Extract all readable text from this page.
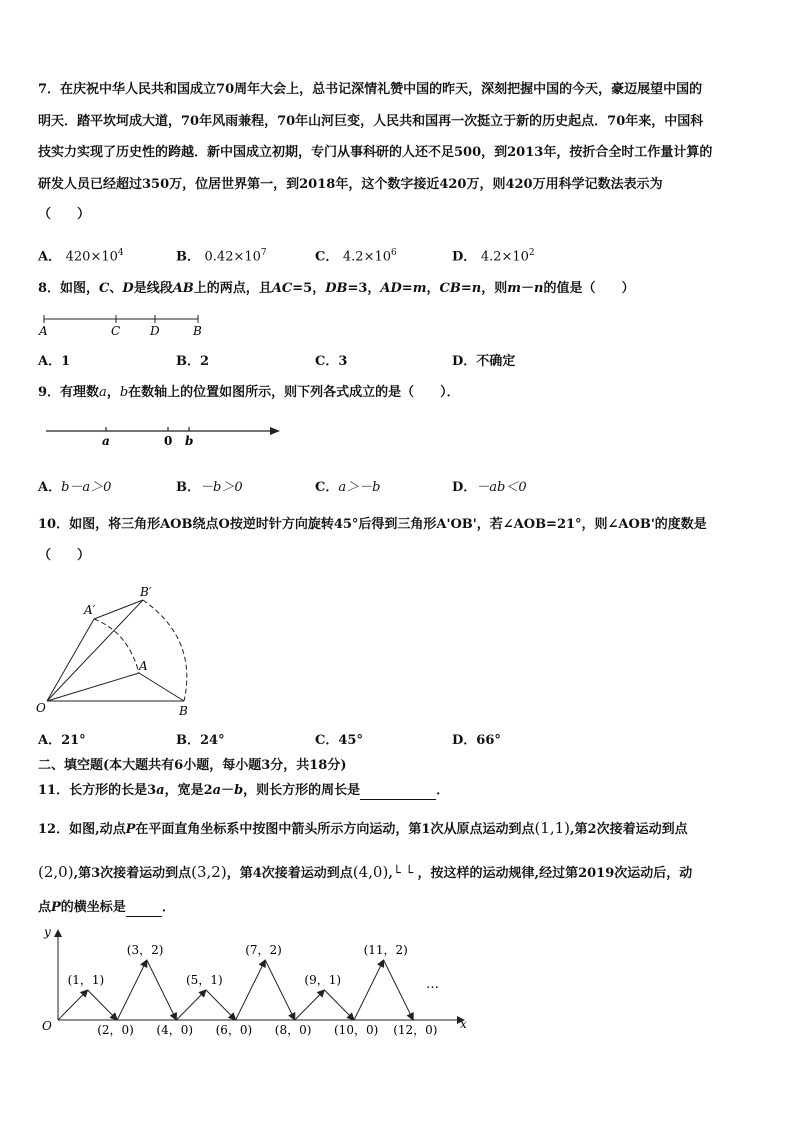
7．在庆祝中华人民共和国成立70周年大会上，总书记深情礼赞中国的昨天，深刻把握中国的今天，豪迈展望中国的
明天．踏平坎坷成大道，70年风雨兼程，70年山河巨变，人民共和国再一次挺立于新的历史起点．70年来，中国科
技实力实现了历史性的跨越．新中国成立初期，专门从事科研的人还不足500，到2013年，按折合全时工作量计算的
研发人员已经超过350万，位居世界第一，到2018年，这个数字接近420万，则420万用科学记数法表示为
（　　）
A． $420\times 10^4$	B． $0.42\times 10^7$	C． $4.2\times 10^6$	D． $4.2\times 10^2$
8．如图，C、D是线段AB上的两点，且AC=5，DB=3，AD=m，CB=n，则m－n的值是（　　）
A	C D	B
A．1	B．2	C．3	D．不确定
9．有理数a，b在数轴上的位置如图所示，则下列各式成立的是（　　）．
a	0 b
A．b－a＞0	B．－b＞0	C．a＞－b	D．－ab＜0
10．如图，将三角形AOB绕点O按逆时针方向旋转45°后得到三角形A'OB'，若∠AOB=21°，则∠AOB'的度数是
（　　）
O
A
B
A′
B′
A．21°	B．24°	C．45°	D．66°
二、填空题(本大题共有6小题，每小题3分，共18分)
11．长方形的长是3a，宽是2a－b，则长方形的周长是	．
12．如图,动点P在平面直角坐标系中按图中箭头所示方向运动，第1次从原点运动到点(1,1),第2次接着运动到点
(2,0),第3次接着运动到点(3,2)，第4次接着运动到点(4,0),└ └ ，按这样的运动规律,经过第2019次运动后，动
点P的横坐标是	．
y
x
O
(1，1)
(3，2)
(5，1)
(7，2)
(9，1)
(11，2)
(2，0) (4，0) (6，0) (8，0) (10，0) (12，0)
…
